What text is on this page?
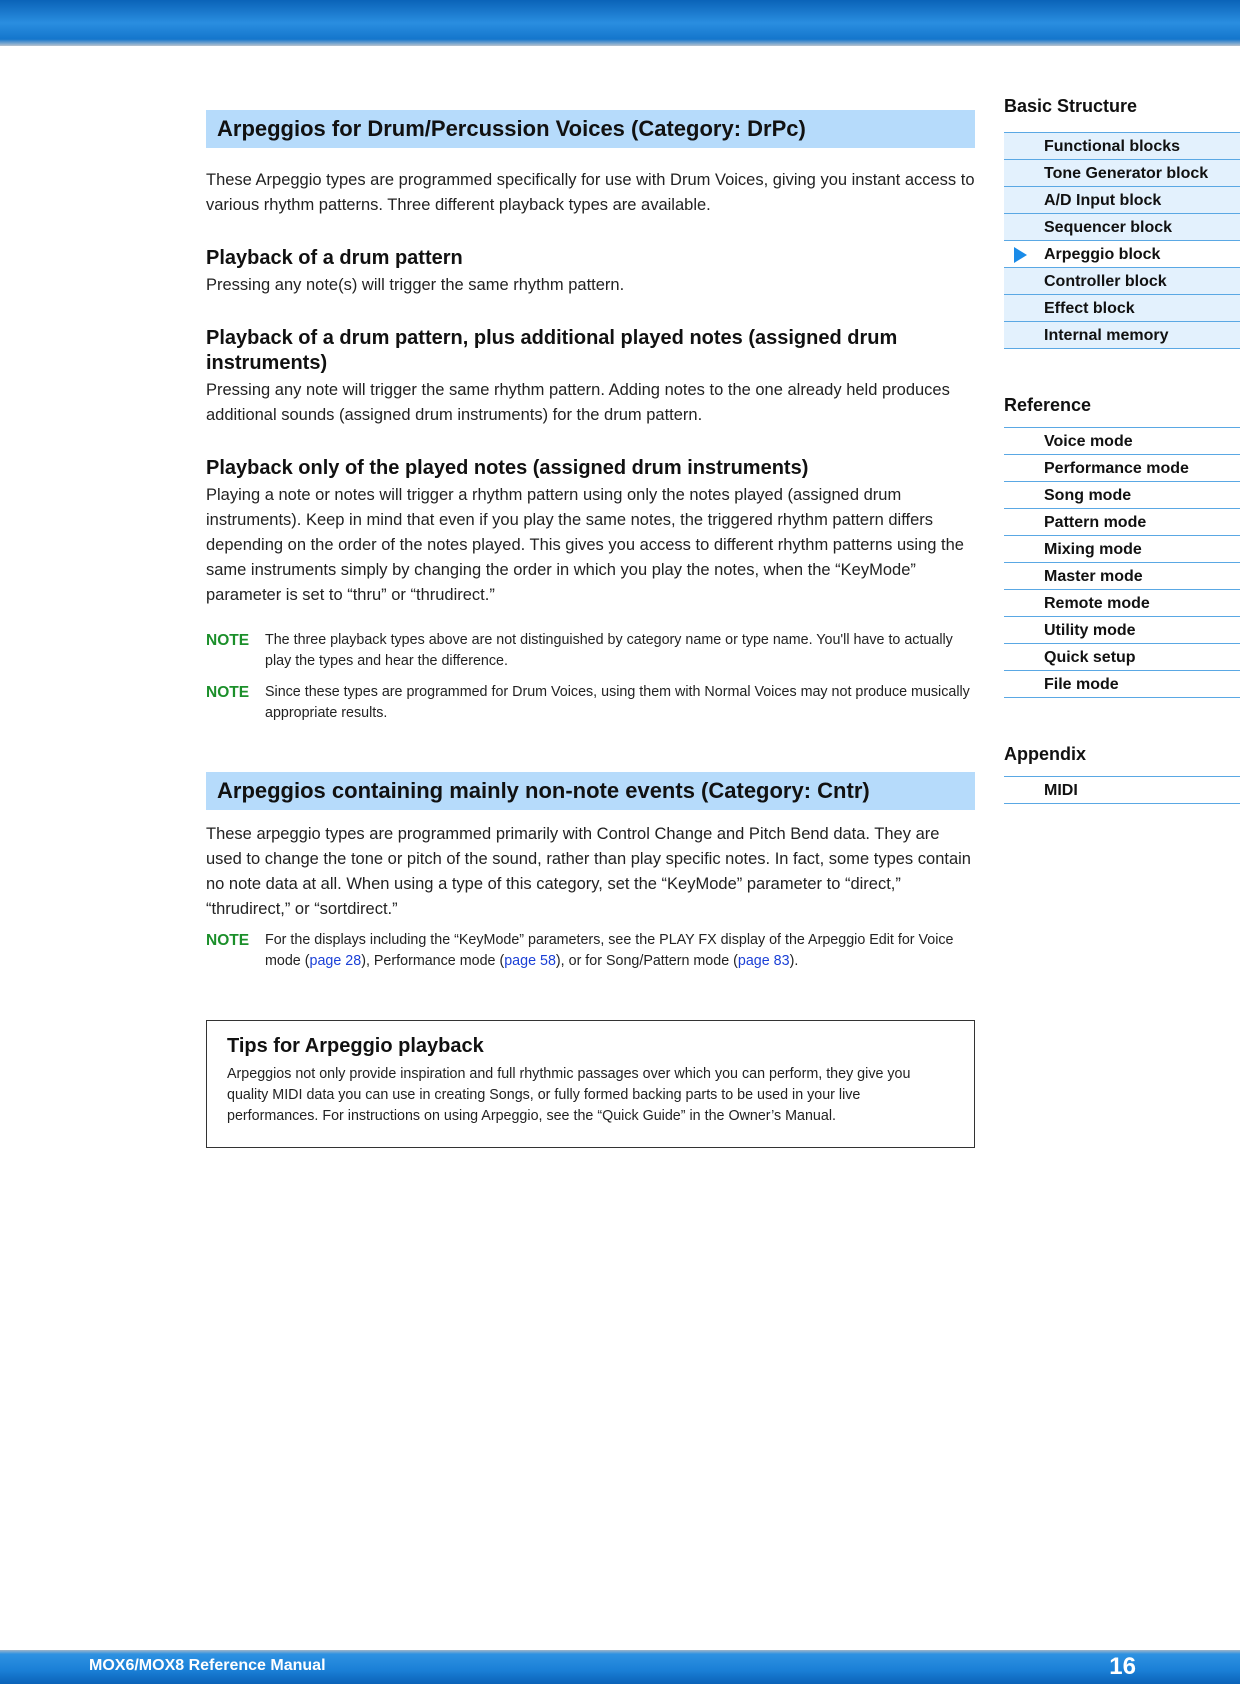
Arpeggios for Drum/Percussion Voices (Category: DrPc)

These Arpeggio types are programmed specifically for use with Drum Voices, giving you instant access to various rhythm patterns. Three different playback types are available.

Playback of a drum pattern

Pressing any note(s) will trigger the same rhythm pattern.

Playback of a drum pattern, plus additional played notes (assigned drum instruments)

Pressing any note will trigger the same rhythm pattern. Adding notes to the one already held produces additional sounds (assigned drum instruments) for the drum pattern.

Playback only of the played notes (assigned drum instruments)

Playing a note or notes will trigger a rhythm pattern using only the notes played (assigned drum instruments). Keep in mind that even if you play the same notes, the triggered rhythm pattern differs depending on the order of the notes played. This gives you access to different rhythm patterns using the same instruments simply by changing the order in which you play the notes, when the “KeyMode” parameter is set to “thru” or “thrudirect.”

NOTE	The three playback types above are not distinguished by category name or type name. You'll have to actually play the types and hear the difference.
NOTE	Since these types are programmed for Drum Voices, using them with Normal Voices may not produce musically appropriate results.
Arpeggios containing mainly non-note events (Category: Cntr)

These arpeggio types are programmed primarily with Control Change and Pitch Bend data. They are used to change the tone or pitch of the sound, rather than play specific notes. In fact, some types contain no note data at all. When using a type of this category, set the “KeyMode” parameter to “direct,” “thrudirect,” or “sortdirect.”

NOTE	For the displays including the “KeyMode” parameters, see the PLAY FX display of the Arpeggio Edit for Voice mode (page 28), Performance mode (page 58), or for Song/Pattern mode (page 83).
Tips for Arpeggio playback

Arpeggios not only provide inspiration and full rhythmic passages over which you can perform, they give you quality MIDI data you can use in creating Songs, or fully formed backing parts to be used in your live performances. For instructions on using Arpeggio, see the “Quick Guide” in the Owner’s Manual.

Basic Structure
Functional blocks
Tone Generator block
A/D Input block
Sequencer block
Arpeggio block
Controller block
Effect block
Internal memory
Reference
Voice mode
Performance mode
Song mode
Pattern mode
Mixing mode
Master mode
Remote mode
Utility mode
Quick setup
File mode
Appendix
MIDI
MOX6/MOX8 Reference Manual	16
